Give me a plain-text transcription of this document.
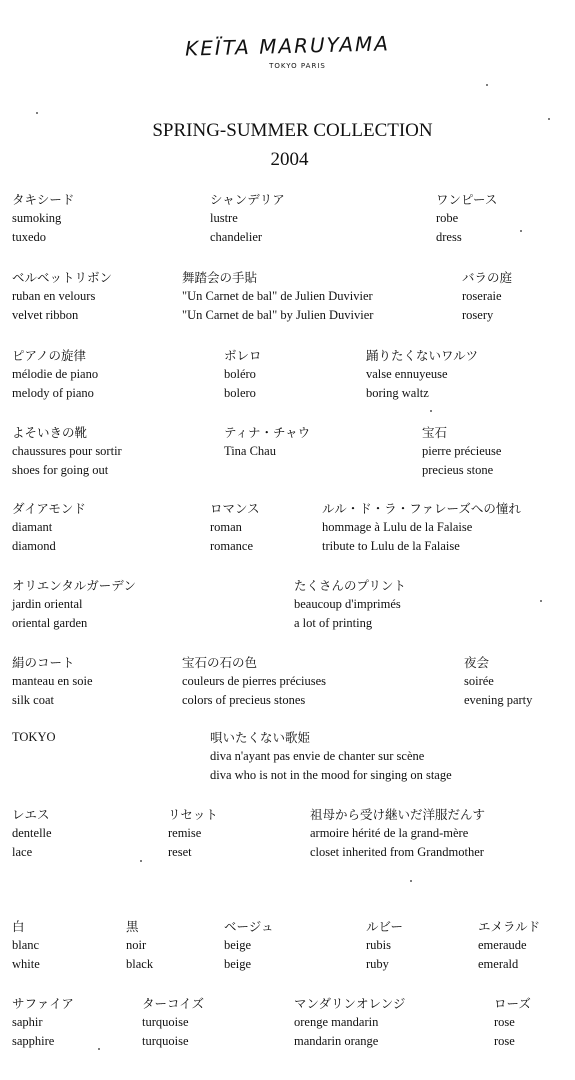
KEÏTA MARUYAMA
TOKYO PARIS
SPRING-SUMMER COLLECTION
2004
タキシード
sumoking
tuxedo
シャンデリア
lustre
chandelier
ワンピース
robe
dress
ベルベットリボン
ruban en velours
velvet ribbon
舞踏会の手貼
"Un Carnet de bal" de Julien Duvivier
"Un Carnet de bal" by Julien Duvivier
バラの庭
roseraie
rosery
ピアノの旋律
mélodie de piano
melody of piano
ボレロ
boléro
bolero
踊りたくないワルツ
valse ennuyeuse
boring waltz
よそいきの靴
chaussures pour sortir
shoes for going out
ティナ・チャウ
Tina Chau
宝石
pierre précieuse
precieus stone
ダイアモンド
diamant
diamond
ロマンス
roman
romance
ルル・ド・ラ・ファレーズへの憧れ
hommage à Lulu de la Falaise
tribute to Lulu de la Falaise
オリエンタルガーデン
jardin oriental
oriental garden
たくさんのプリント
beaucoup d'imprimés
a lot of printing
絹のコート
manteau en soie
silk coat
宝石の石の色
couleurs de pierres préciuses
colors of precieus stones
夜会
soirée
evening party
TOKYO	唄いたくない歌姫
diva n'ayant pas envie de chanter sur scène
diva who is not in the mood for singing on stage
レエス
dentelle
lace
リセット
remise
reset
祖母から受け継いだ洋服だんす
armoire hérité de la grand-mère
closet inherited from Grandmother
白
blanc
white
黒
noir
black
ベージュ
beige
beige
ルビー
rubis
ruby
エメラルド
emeraude
emerald
サファイア
saphir
sapphire
ターコイズ
turquoise
turquoise
マンダリンオレンジ
orenge mandarin
mandarin orange
ローズ
rose
rose
